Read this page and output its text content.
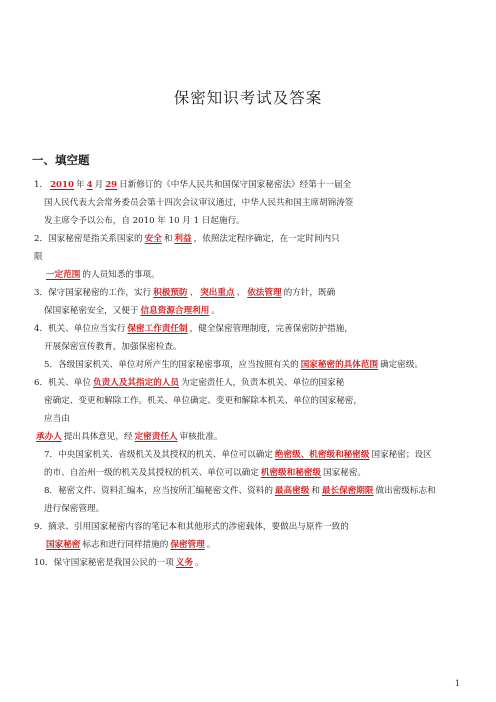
保密知识考试及答案
一、填空题
1． 2010 年 4 月 29 日新修订的《中华人民共和国保守国家秘密法》经第十一届全
国人民代表大会常务委员会第十四次会议审议通过，中华人民共和国主席胡锦涛签
发主席令予以公布，自 2010 年 10 月 1 日起施行。
2．国家秘密是指关系国家的 安全 和 利益 ，依照法定程序确定，在一定时间内只
限
一定范围 的人员知悉的事项。
3．保守国家秘密的工作，实行 积极预防 、 突出重点 、 依法管理 的方针，既确
保国家秘密安全，又便于 信息资源合理利用 。
4．机关、单位应当实行 保密工作责任制 ，健全保密管理制度，完善保密防护措施，
开展保密宣传教育，加强保密检查。
5．各级国家机关、单位对所产生的国家秘密事项，应当按照有关的 国家秘密的具体范围 确定密级。
6．机关、单位 负责人及其指定的人员 为定密责任人，负责本机关、单位的国家秘
密确定、变更和解除工作。机关、单位确定、变更和解除本机关、单位的国家秘密，
应当由
承办人 提出具体意见，经 定密责任人 审核批准。
7．中央国家机关、省级机关及其授权的机关、单位可以确定 绝密级、机密级和秘密级 国家秘密；设区的市、自治州一级的机关及其授权的机关、单位可以确定 机密级和秘密级 国家秘密。
8．秘密文件、资料汇编本，应当按所汇编秘密文件、资料的 最高密级 和 最长保密期限 做出密级标志和进行保密管理。
9．摘录、引用国家秘密内容的笔记本和其他形式的涉密载体，要做出与原件一致的
国家秘密 标志和进行同样措施的 保密管理 。
10．保守国家秘密是我国公民的一项 义务 。
1
